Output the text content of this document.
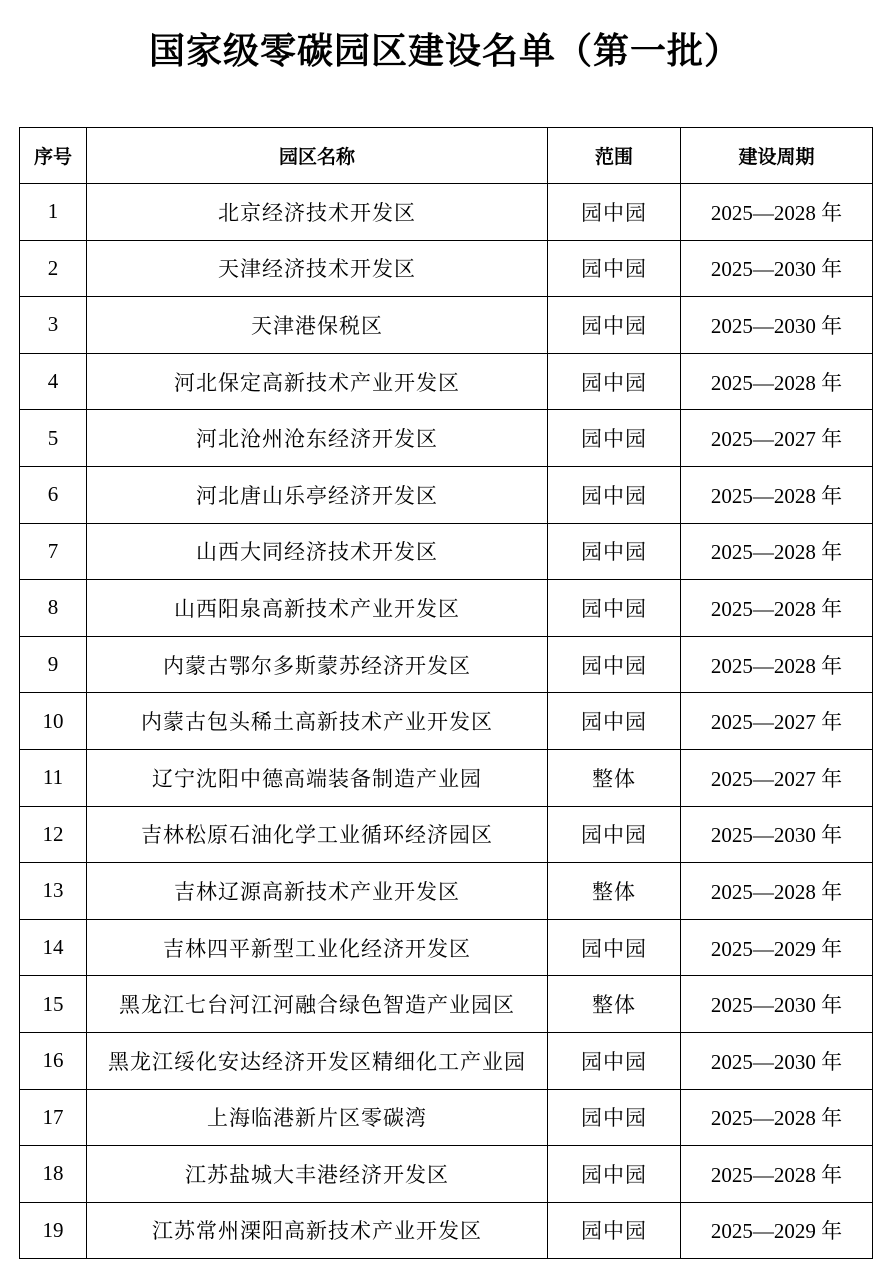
国家级零碳园区建设名单（第一批）
序号	园区名称	范围	建设周期
1	北京经济技术开发区	园中园	2025—2028 年
2	天津经济技术开发区	园中园	2025—2030 年
3	天津港保税区	园中园	2025—2030 年
4	河北保定高新技术产业开发区	园中园	2025—2028 年
5	河北沧州沧东经济开发区	园中园	2025—2027 年
6	河北唐山乐亭经济开发区	园中园	2025—2028 年
7	山西大同经济技术开发区	园中园	2025—2028 年
8	山西阳泉高新技术产业开发区	园中园	2025—2028 年
9	内蒙古鄂尔多斯蒙苏经济开发区	园中园	2025—2028 年
10	内蒙古包头稀土高新技术产业开发区	园中园	2025—2027 年
11	辽宁沈阳中德高端装备制造产业园	整体	2025—2027 年
12	吉林松原石油化学工业循环经济园区	园中园	2025—2030 年
13	吉林辽源高新技术产业开发区	整体	2025—2028 年
14	吉林四平新型工业化经济开发区	园中园	2025—2029 年
15	黑龙江七台河江河融合绿色智造产业园区	整体	2025—2030 年
16	黑龙江绥化安达经济开发区精细化工产业园	园中园	2025—2030 年
17	上海临港新片区零碳湾	园中园	2025—2028 年
18	江苏盐城大丰港经济开发区	园中园	2025—2028 年
19	江苏常州溧阳高新技术产业开发区	园中园	2025—2029 年
